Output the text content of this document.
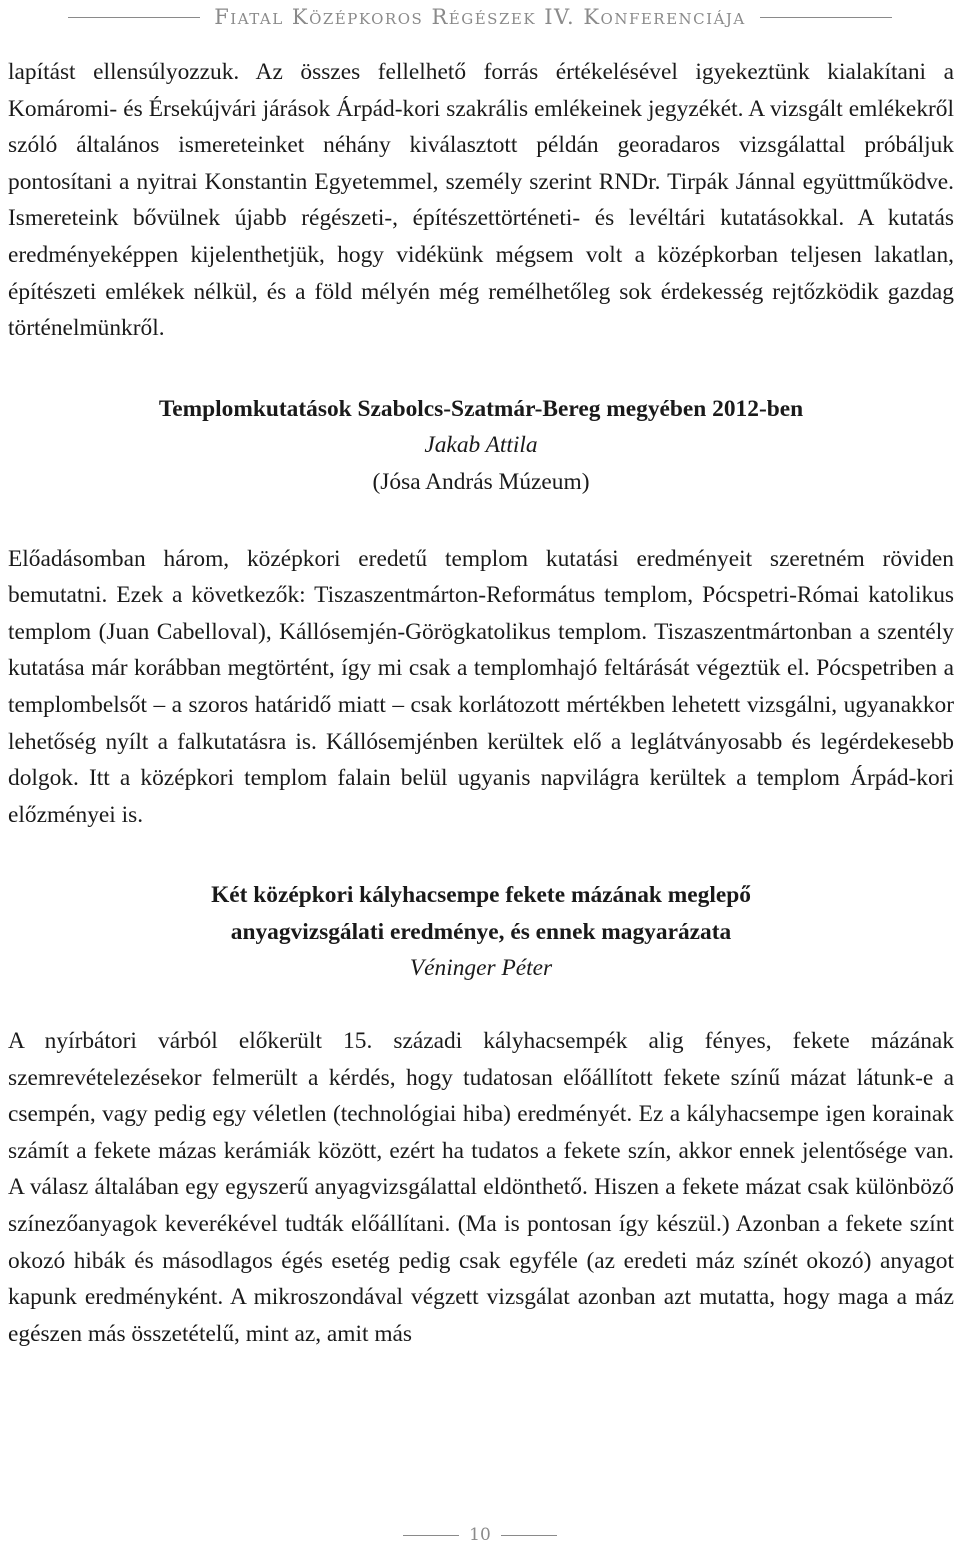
Fiatal Középkoros Régészek IV. Konferenciája

lapítást ellensúlyozzuk. Az összes fellelhető forrás értékelésével igyekeztünk kialakítani a Komáromi- és Érsekújvári járások Árpád-kori szakrális emlékeinek jegyzékét. A vizsgált emlékekről szóló általános ismereteinket néhány kiválasztott példán georadaros vizsgálattal próbáljuk pontosítani a nyitrai Konstantin Egyetemmel, személy szerint RNDr. Tirpák Jánnal együttműködve. Ismereteink bővülnek újabb régészeti-, építészettörténeti- és levéltári kutatásokkal. A kutatás eredményeképpen kijelenthetjük, hogy vidékünk mégsem volt a középkorban teljesen lakatlan, építészeti emlékek nélkül, és a föld mélyén még remélhetőleg sok érdekesség rejtőzködik gazdag történelmünkről.

Templomkutatások Szabolcs-Szatmár-Bereg megyében 2012-ben
Jakab Attila
(Jósa András Múzeum)

Előadásomban három, középkori eredetű templom kutatási eredményeit szeretném röviden bemutatni. Ezek a következők: Tiszaszentmárton-Református templom, Pócspetri-Római katolikus templom (Juan Cabelloval), Kállósemjén-Görögkatolikus templom. Tiszaszentmártonban a szentély kutatása már korábban megtörtént, így mi csak a templomhajó feltárását végeztük el. Pócspetriben a templombelsőt – a szoros határidő miatt – csak korlátozott mértékben lehetett vizsgálni, ugyanakkor lehetőség nyílt a falkutatásra is. Kállósemjénben kerültek elő a leglátványosabb és legérdekesebb dolgok. Itt a középkori templom falain belül ugyanis napvilágra kerültek a templom Árpád-kori előzményei is.

Két középkori kályhacsempe fekete mázának meglepő
anyagvizsgálati eredménye, és ennek magyarázata
Véninger Péter

A nyírbátori várból előkerült 15. századi kályhacsempék alig fényes, fekete mázának szemrevételezésekor felmerült a kérdés, hogy tudatosan előállított fekete színű mázat látunk-e a csempén, vagy pedig egy véletlen (technológiai hiba) eredményét. Ez a kályhacsempe igen korainak számít a fekete mázas kerámiák között, ezért ha tudatos a fekete szín, akkor ennek jelentősége van. A válasz általában egy egyszerű anyagvizsgálattal eldönthető. Hiszen a fekete mázat csak különböző színezőanyagok keverékével tudták előállítani. (Ma is pontosan így készül.) Azonban a fekete színt okozó hibák és másodlagos égés esetég pedig csak egyféle (az eredeti máz színét okozó) anyagot kapunk eredményként. A mikroszondával végzett vizsgálat azonban azt mutatta, hogy maga a máz egészen más összetételű, mint az, amit más

10
